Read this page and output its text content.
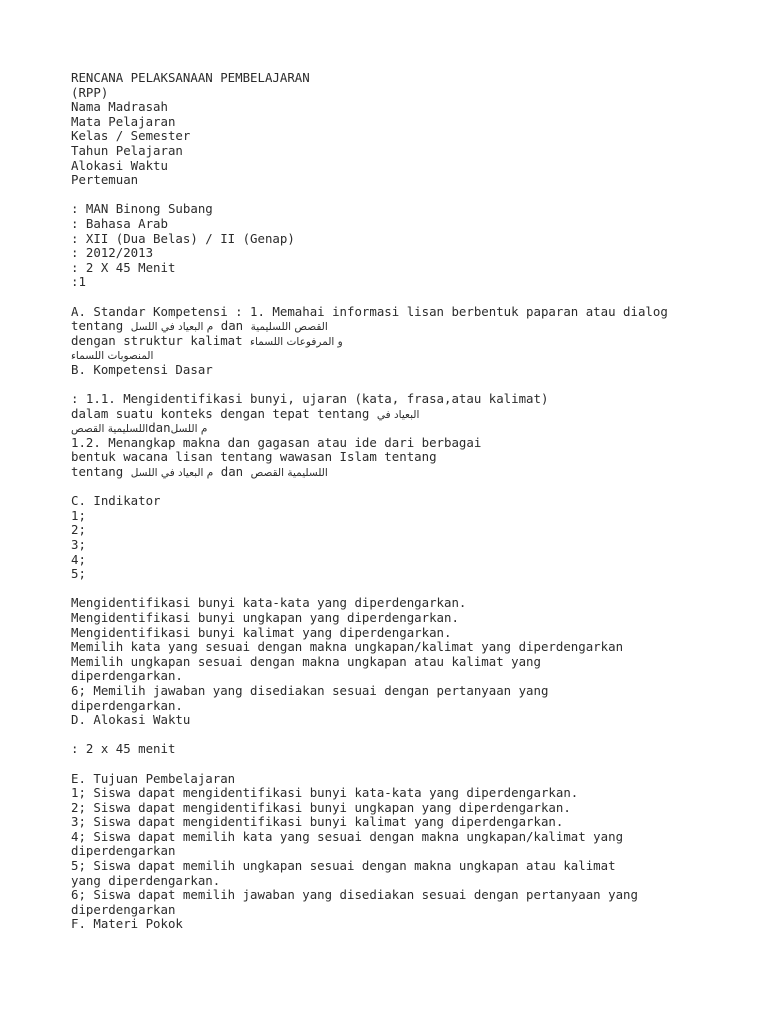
RENCANA PELAKSANAAN PEMBELAJARAN
(RPP)
Nama Madrasah
Mata Pelajaran
Kelas / Semester
Tahun Pelajaran
Alokasi Waktu
Pertemuan
: MAN Binong Subang
: Bahasa Arab
: XII (Dua Belas) / II (Genap)
: 2012/2013
: 2 X 45 Menit
:1
A. Standar Kompetensi : 1. Memahai informasi lisan berbentuk paparan atau dialog
tentang م البعياد في اللسل dan القصص اللسليمية
dengan struktur kalimat و المرفوعات اللسماء
المنصوبات اللسماء
B. Kompetensi Dasar
: 1.1. Mengidentifikasi bunyi, ujaran (kata, frasa,atau kalimat)
dalam suatu konteks dengan tepat tentang البعياد في
اللسليمية القصصdanم اللسل
1.2. Menangkap makna dan gagasan atau ide dari berbagai
bentuk wacana lisan tentang wawasan Islam tentang
tentang م البعياد في اللسل dan اللسليمية القصص
C. Indikator
1;
2;
3;
4;
5;
Mengidentifikasi bunyi kata-kata yang diperdengarkan.
Mengidentifikasi bunyi ungkapan yang diperdengarkan.
Mengidentifikasi bunyi kalimat yang diperdengarkan.
Memilih kata yang sesuai dengan makna ungkapan/kalimat yang diperdengarkan
Memilih ungkapan sesuai dengan makna ungkapan atau kalimat yang
diperdengarkan.
6; Memilih jawaban yang disediakan sesuai dengan pertanyaan yang
diperdengarkan.
D. Alokasi Waktu
: 2 x 45 menit
E. Tujuan Pembelajaran
1; Siswa dapat mengidentifikasi bunyi kata-kata yang diperdengarkan.
2; Siswa dapat mengidentifikasi bunyi ungkapan yang diperdengarkan.
3; Siswa dapat mengidentifikasi bunyi kalimat yang diperdengarkan.
4; Siswa dapat memilih kata yang sesuai dengan makna ungkapan/kalimat yang
diperdengarkan
5; Siswa dapat memilih ungkapan sesuai dengan makna ungkapan atau kalimat
yang diperdengarkan.
6; Siswa dapat memilih jawaban yang disediakan sesuai dengan pertanyaan yang
diperdengarkan
F. Materi Pokok
